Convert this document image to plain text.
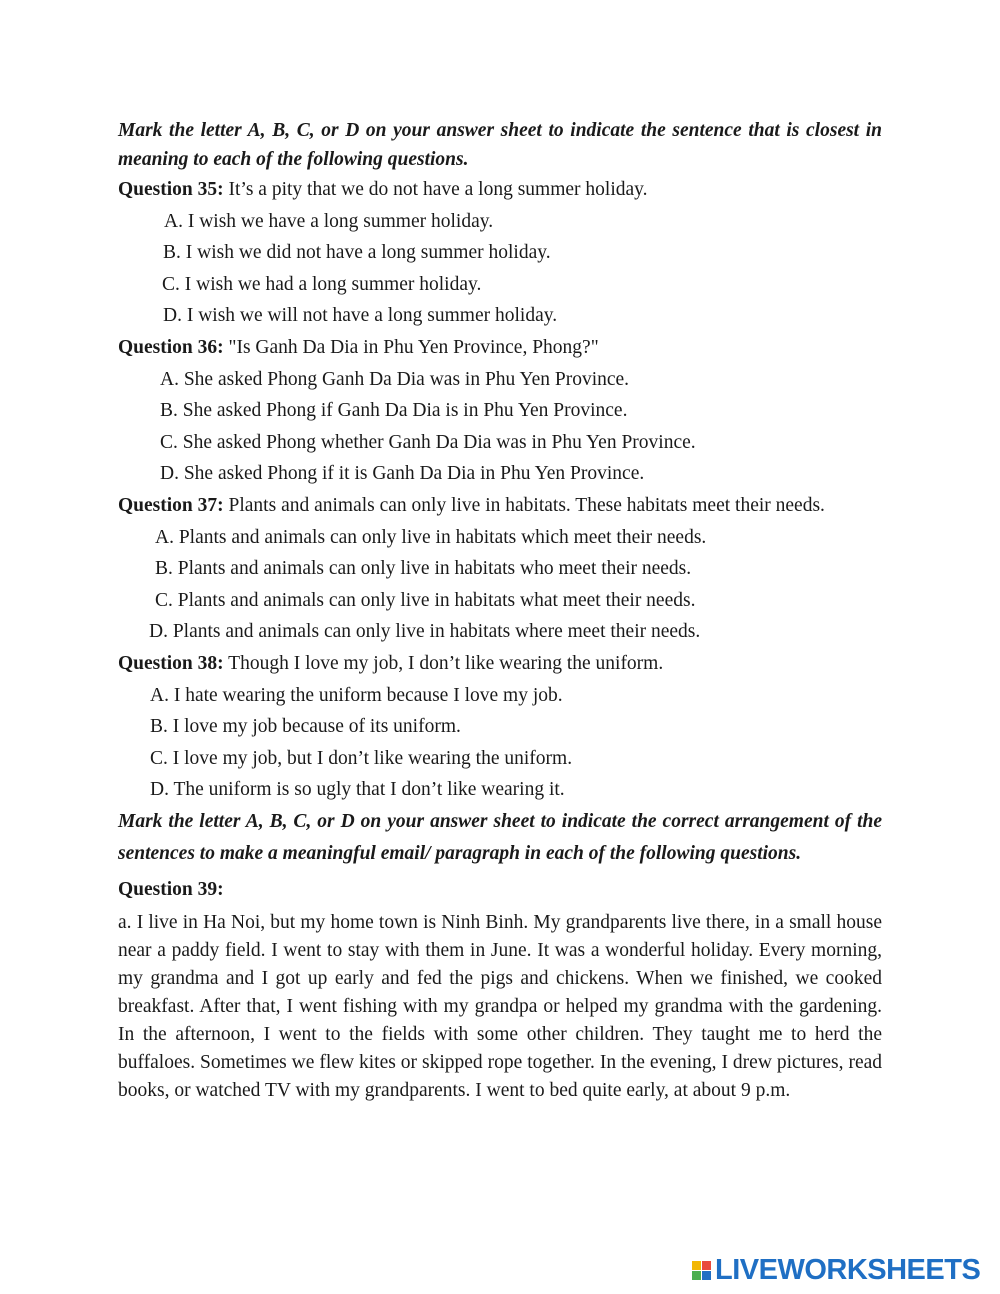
Mark the letter A, B, C, or D on your answer sheet to indicate the sentence that is closest in meaning to each of the following questions.

Question 35: It’s a pity that we do not have a long summer holiday.

A. I wish we have a long summer holiday.

B. I wish we did not have a long summer holiday.

C. I wish we had a long summer holiday.

D. I wish we will not have a long summer holiday.

Question 36: "Is Ganh Da Dia in Phu Yen Province, Phong?"

A. She asked Phong Ganh Da Dia was in Phu Yen Province.

B. She asked Phong if Ganh Da Dia is in Phu Yen Province.

C. She asked Phong whether Ganh Da Dia was in Phu Yen Province.

D. She asked Phong if it is Ganh Da Dia in Phu Yen Province.

Question 37: Plants and animals can only live in habitats. These habitats meet their needs.

A. Plants and animals can only live in habitats which meet their needs.

B. Plants and animals can only live in habitats who meet their needs.

C. Plants and animals can only live in habitats what meet their needs.

D. Plants and animals can only live in habitats where meet their needs.

Question 38: Though I love my job, I don’t like wearing the uniform.

A. I hate wearing the uniform because I love my job.

B. I love my job because of its uniform.

C. I love my job, but I don’t like wearing the uniform.

D. The uniform is so ugly that I don’t like wearing it.

Mark the letter A, B, C, or D on your answer sheet to indicate the correct arrangement of the sentences to make a meaningful email/ paragraph in each of the following questions.

Question 39:

a. I live in Ha Noi, but my home town is Ninh Binh. My grandparents live there, in a small house near a paddy field. I went to stay with them in June. It was a wonderful holiday. Every morning, my grandma and I got up early and fed the pigs and chickens. When we finished, we cooked breakfast. After that, I went fishing with my grandpa or helped my grandma with the gardening. In the afternoon, I went to the fields with some other children. They taught me to herd the buffaloes. Sometimes we flew kites or skipped rope together. In the evening, I drew pictures, read books, or watched TV with my grandparents. I went to bed quite early, at about 9 p.m.

LIVEWORKSHEETS
